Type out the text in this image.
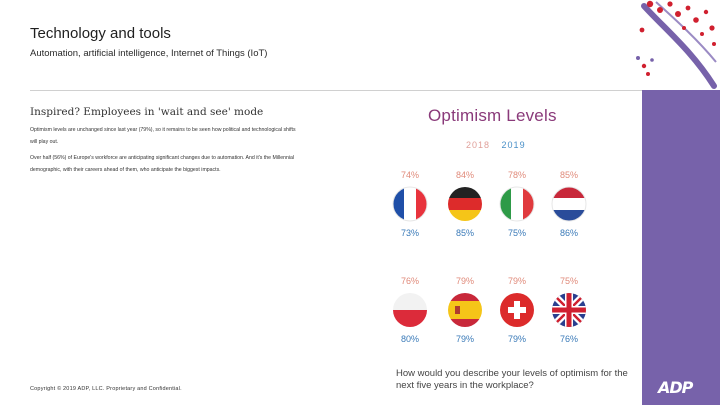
Technology and tools
Automation, artificial intelligence, Internet of Things (IoT)
Inspired? Employees in 'wait and see' mode

Optimism levels are unchanged since last year (79%), so it remains to be seen how political and technological shifts will play out.

Over half (56%) of Europe's workforce are anticipating significant changes due to automation. And it's the Millennial demographic, with their careers ahead of them, who anticipate the biggest impacts.

Copyright © 2019 ADP, LLC. Proprietary and Confidential.
Optimism Levels
2018 2019
74%
73%
84%
85%
78%
75%
85%
86%
76%
80%
79%
79%
79%
79%
75%
76%
How would you describe your levels of optimism for the next five years in the workplace?	ADP
